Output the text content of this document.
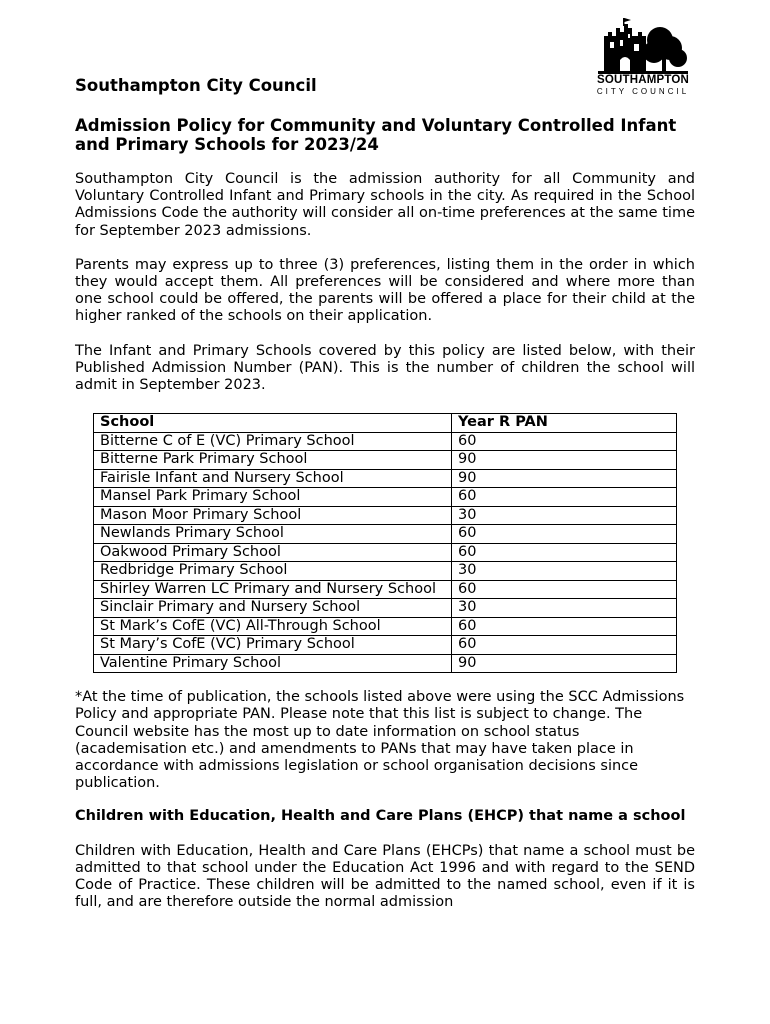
SOUTHAMPTON
CITY COUNCIL
Southampton City Council
Admission Policy for Community and Voluntary Controlled Infant and Primary Schools for 2023/24

Southampton City Council is the admission authority for all Community and Voluntary Controlled Infant and Primary schools in the city. As required in the School Admissions Code the authority will consider all on-time preferences at the same time for September 2023 admissions.

Parents may express up to three (3) preferences, listing them in the order in which they would accept them. All preferences will be considered and where more than one school could be offered, the parents will be offered a place for their child at the higher ranked of the schools on their application.

The Infant and Primary Schools covered by this policy are listed below, with their Published Admission Number (PAN). This is the number of children the school will admit in September 2023.

School	Year R PAN
Bitterne C of E (VC) Primary School	60
Bitterne Park Primary School	90
Fairisle Infant and Nursery School	90
Mansel Park Primary School	60
Mason Moor Primary School	30
Newlands Primary School	60
Oakwood Primary School	60
Redbridge Primary School	30
Shirley Warren LC Primary and Nursery School	60
Sinclair Primary and Nursery School	30
St Mark’s CofE (VC) All-Through School	60
St Mary’s CofE (VC) Primary School	60
Valentine Primary School	90

*At the time of publication, the schools listed above were using the SCC Admissions Policy and appropriate PAN. Please note that this list is subject to change. The Council website has the most up to date information on school status (academisation etc.) and amendments to PANs that may have taken place in accordance with admissions legislation or school organisation decisions since publication.

Children with Education, Health and Care Plans (EHCP) that name a school

Children with Education, Health and Care Plans (EHCPs) that name a school must be admitted to that school under the Education Act 1996 and with regard to the SEND Code of Practice. These children will be admitted to the named school, even if it is full, and are therefore outside the normal admission
